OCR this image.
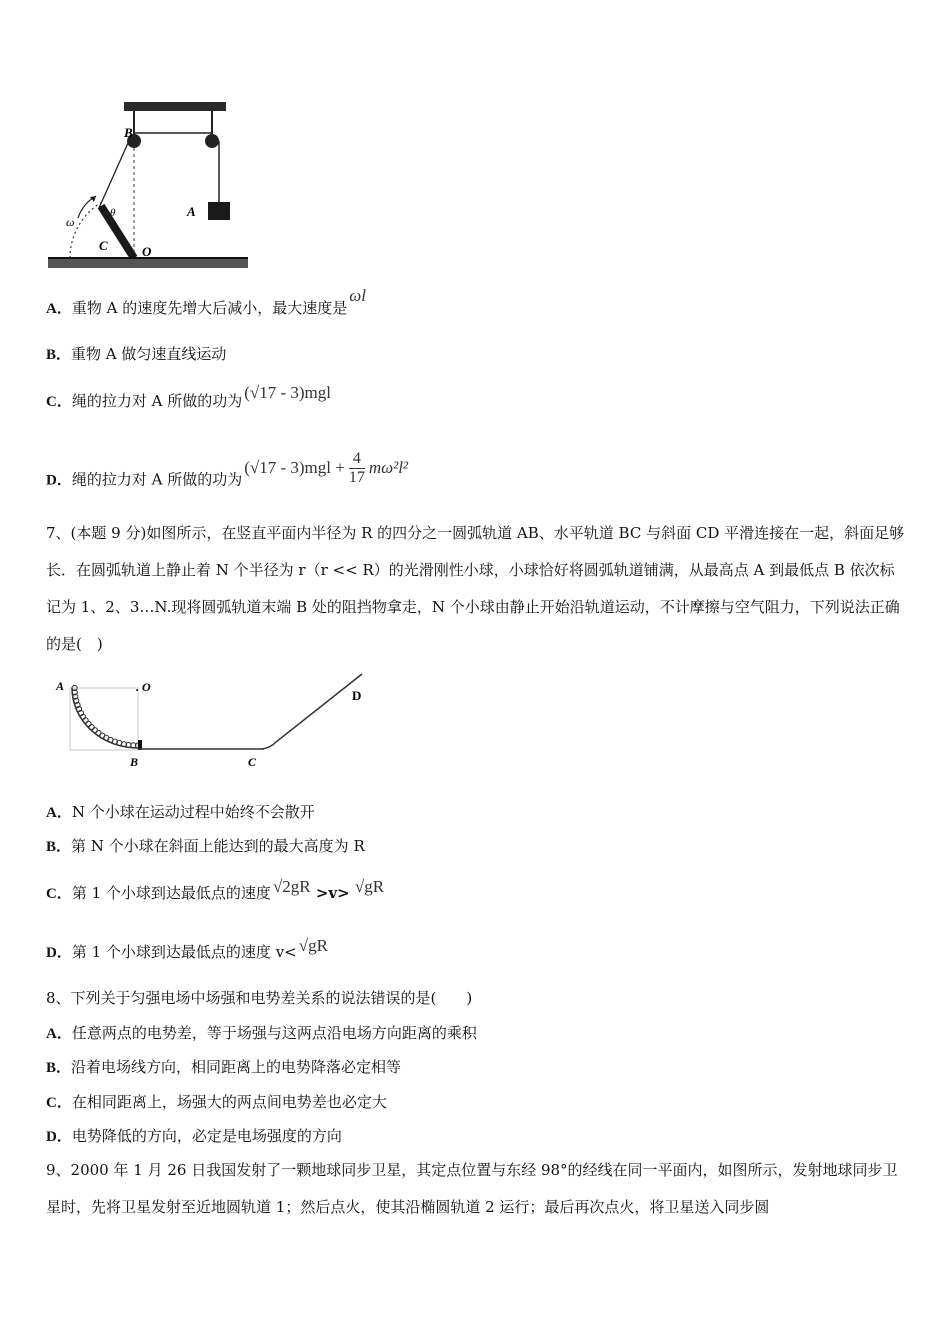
B
A
θ
ω
C	O
A．重物 A 的速度先增大后减小，最大速度是ωl
B．重物 A 做匀速直线运动
C．绳的拉力对 A 所做的功为 (√17 - 3)mgl
D．绳的拉力对 A 所做的功为$(√17 - 3)mgl + \frac{4}{17} m\omega^2l^2$
7、(本题 9 分)如图所示，在竖直平面内半径为 R 的四分之一圆弧轨道 AB、水平轨道 BC 与斜面 CD 平滑连接在一起，斜面足够长．在圆弧轨道上静止着 N 个半径为 r（r << R）的光滑刚性小球，小球恰好将圆弧轨道铺满，从最高点 A 到最低点 B 依次标记为 1、2、3…N.现将圆弧轨道末端 B 处的阻挡物拿走，N 个小球由静止开始沿轨道运动，不计摩擦与空气阻力，下列说法正确的是(　)
A	. O
B	C
D
A．N 个小球在运动过程中始终不会散开
B．第 N 个小球在斜面上能达到的最大高度为 R
C．第 1 个小球到达最低点的速度 √2gR >v> √gR
D．第 1 个小球到达最低点的速度 v< √gR
8、下列关于匀强电场中场强和电势差关系的说法错误的是(　　)
A．任意两点的电势差，等于场强与这两点沿电场方向距离的乘积
B．沿着电场线方向，相同距离上的电势降落必定相等
C．在相同距离上，场强大的两点间电势差也必定大
D．电势降低的方向，必定是电场强度的方向
9、2000 年 1 月 26 日我国发射了一颗地球同步卫星，其定点位置与东经 98°的经线在同一平面内，如图所示，发射地球同步卫星时，先将卫星发射至近地圆轨道 1；然后点火，使其沿椭圆轨道 2 运行；最后再次点火，将卫星送入同步圆
